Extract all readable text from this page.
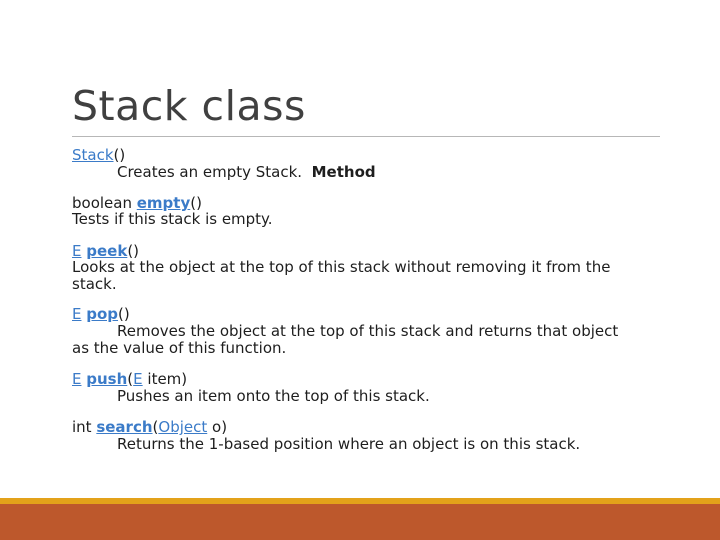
Stack class
Stack()
Creates an empty Stack. Method
boolean empty()
Tests if this stack is empty.
E peek()
Looks at the object at the top of this stack without removing it from the
stack.
E pop()
Removes the object at the top of this stack and returns that object
as the value of this function.
E push(E item)
Pushes an item onto the top of this stack.
int search(Object o)
Returns the 1-based position where an object is on this stack.
